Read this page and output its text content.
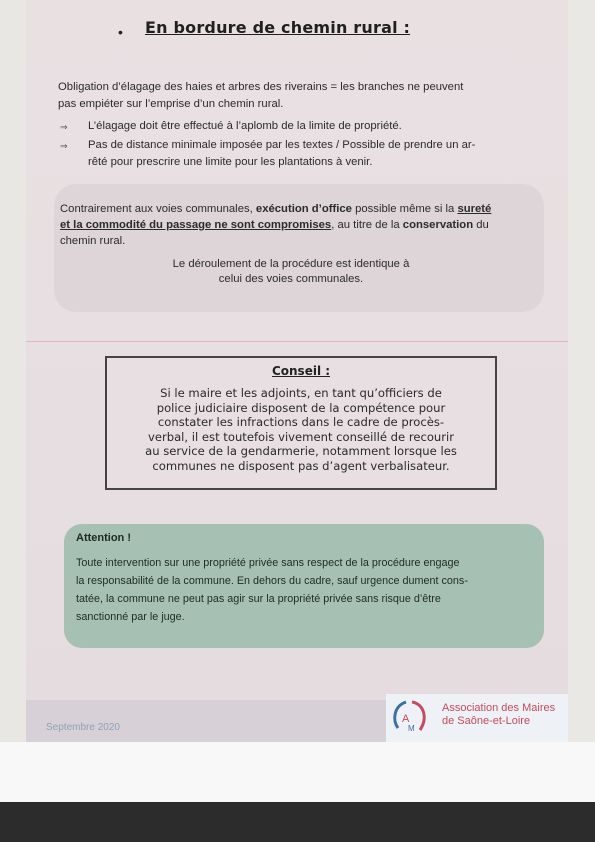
• En bordure de chemin rural :
Obligation d’élagage des haies et arbres des riverains = les branches ne peuvent
pas empiéter sur l’emprise d’un chemin rural.
⇒ L’élagage doit être effectué à l’aplomb de la limite de propriété.
⇒ Pas de distance minimale imposée par les textes / Possible de prendre un ar-
rêté pour prescrire une limite pour les plantations à venir.
Contrairement aux voies communales, exécution d’office possible même si la sureté
et la commodité du passage ne sont compromises, au titre de la conservation du
chemin rural.
Le déroulement de la procédure est identique à
celui des voies communales.
Conseil :
Si le maire et les adjoints, en tant qu’officiers de
police judiciaire disposent de la compétence pour
constater les infractions dans le cadre de procès-
verbal, il est toutefois vivement conseillé de recourir
au service de la gendarmerie, notamment lorsque les
communes ne disposent pas d’agent verbalisateur.
Attention !
Toute intervention sur une propriété privée sans respect de la procédure engage
la responsabilité de la commune. En dehors du cadre, sauf urgence dument cons-
tatée, la commune ne peut pas agir sur la propriété privée sans risque d’être
sanctionné par le juge.
Septembre 2020
A
M
Association des Maires
de Saône-et-Loire
